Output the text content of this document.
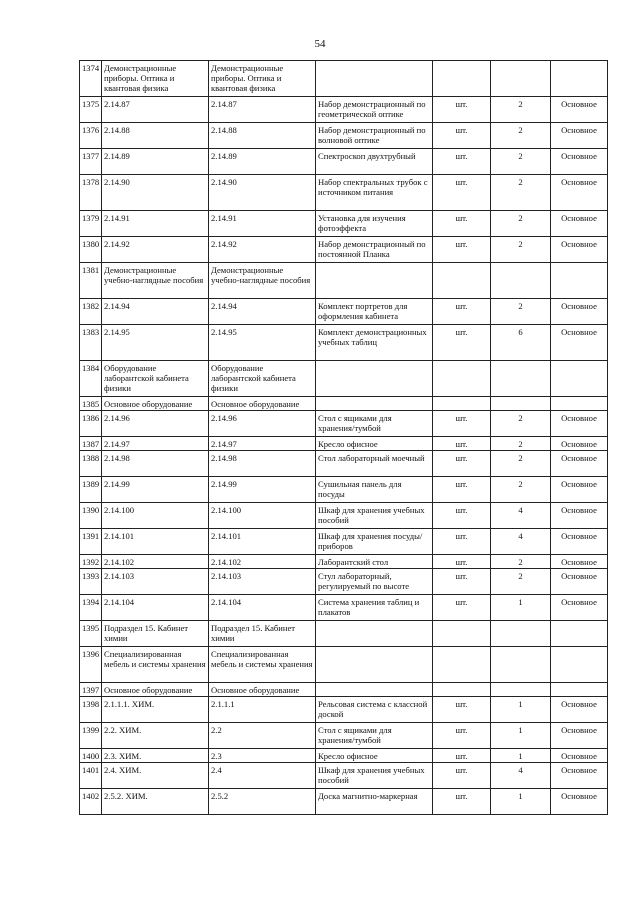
54
1374	Демонстрационные приборы. Оптика и квантовая физика	Демонстрационные приборы. Оптика и квантовая физика				
1375	2.14.87	2.14.87	Набор демонстрационный по геометрической оптике	шт.	2	Основное
1376	2.14.88	2.14.88	Набор демонстрационный по волновой оптике	шт.	2	Основное
1377	2.14.89	2.14.89	Спектроскоп двухтрубный	шт.	2	Основное
1378	2.14.90	2.14.90	Набор спектральных трубок с источником питания	шт.	2	Основное
1379	2.14.91	2.14.91	Установка для изучения фотоэффекта	шт.	2	Основное
1380	2.14.92	2.14.92	Набор демонстрационный по постоянной Планка	шт.	2	Основное
1381	Демонстрационные учебно-наглядные пособия	Демонстрационные учебно-наглядные пособия				
1382	2.14.94	2.14.94	Комплект портретов для оформления кабинета	шт.	2	Основное
1383	2.14.95	2.14.95	Комплект демонстрационных учебных таблиц	шт.	6	Основное
1384	Оборудование лаборантской кабинета физики	Оборудование лаборантской кабинета физики				
1385	Основное оборудование	Основное оборудование				
1386	2.14.96	2.14.96	Стол с ящиками для хранения/тумбой	шт.	2	Основное
1387	2.14.97	2.14.97	Кресло офисное	шт.	2	Основное
1388	2.14.98	2.14.98	Стол лабораторный моечный	шт.	2	Основное
1389	2.14.99	2.14.99	Сушильная панель для посуды	шт.	2	Основное
1390	2.14.100	2.14.100	Шкаф для хранения учебных пособий	шт.	4	Основное
1391	2.14.101	2.14.101	Шкаф для хранения посуды/приборов	шт.	4	Основное
1392	2.14.102	2.14.102	Лаборантский стол	шт.	2	Основное
1393	2.14.103	2.14.103	Стул лабораторный, регулируемый по высоте	шт.	2	Основное
1394	2.14.104	2.14.104	Система хранения таблиц и плакатов	шт.	1	Основное
1395	Подраздел 15. Кабинет химии	Подраздел 15. Кабинет химии				
1396	Специализированная мебель и системы хранения	Специализированная мебель и системы хранения				
1397	Основное оборудование	Основное оборудование				
1398	2.1.1.1. ХИМ.	2.1.1.1	Рельсовая система с классной доской	шт.	1	Основное
1399	2.2. ХИМ.	2.2	Стол с ящиками для хранения/тумбой	шт.	1	Основное
1400	2.3. ХИМ.	2.3	Кресло офисное	шт.	1	Основное
1401	2.4. ХИМ.	2.4	Шкаф для хранения учебных пособий	шт.	4	Основное
1402	2.5.2. ХИМ.	2.5.2	Доска магнитно-маркерная	шт.	1	Основное
